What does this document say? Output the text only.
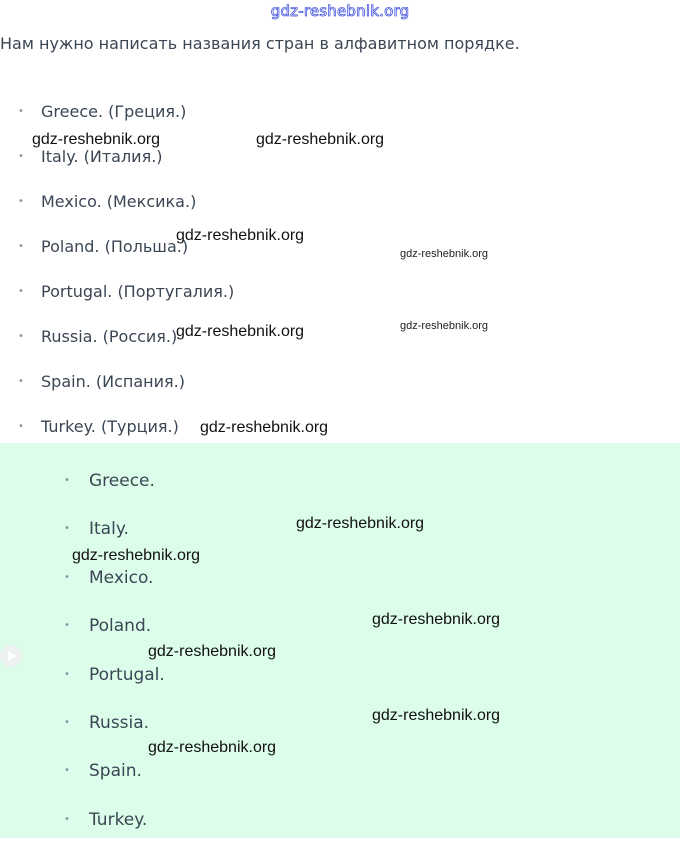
gdz-reshebnik.org
Нам нужно написать названия стран в алфавитном порядке.
• Greece. (Греция.)
• Italy. (Италия.)
• Mexico. (Мексика.)
• Poland. (Польша.)
• Portugal. (Португалия.)
• Russia. (Россия.)
• Spain. (Испания.)
• Turkey. (Турция.)
• Greece.
• Italy.
• Mexico.
• Poland.
• Portugal.
• Russia.
• Spain.
• Turkey.
gdz-reshebnik.org	gdz-reshebnik.org
gdz-reshebnik.org
gdz-reshebnik.org
gdz-reshebnik.org	gdz-reshebnik.org
gdz-reshebnik.org
gdz-reshebnik.org
gdz-reshebnik.org
gdz-reshebnik.org
gdz-reshebnik.org
gdz-reshebnik.org
gdz-reshebnik.org
